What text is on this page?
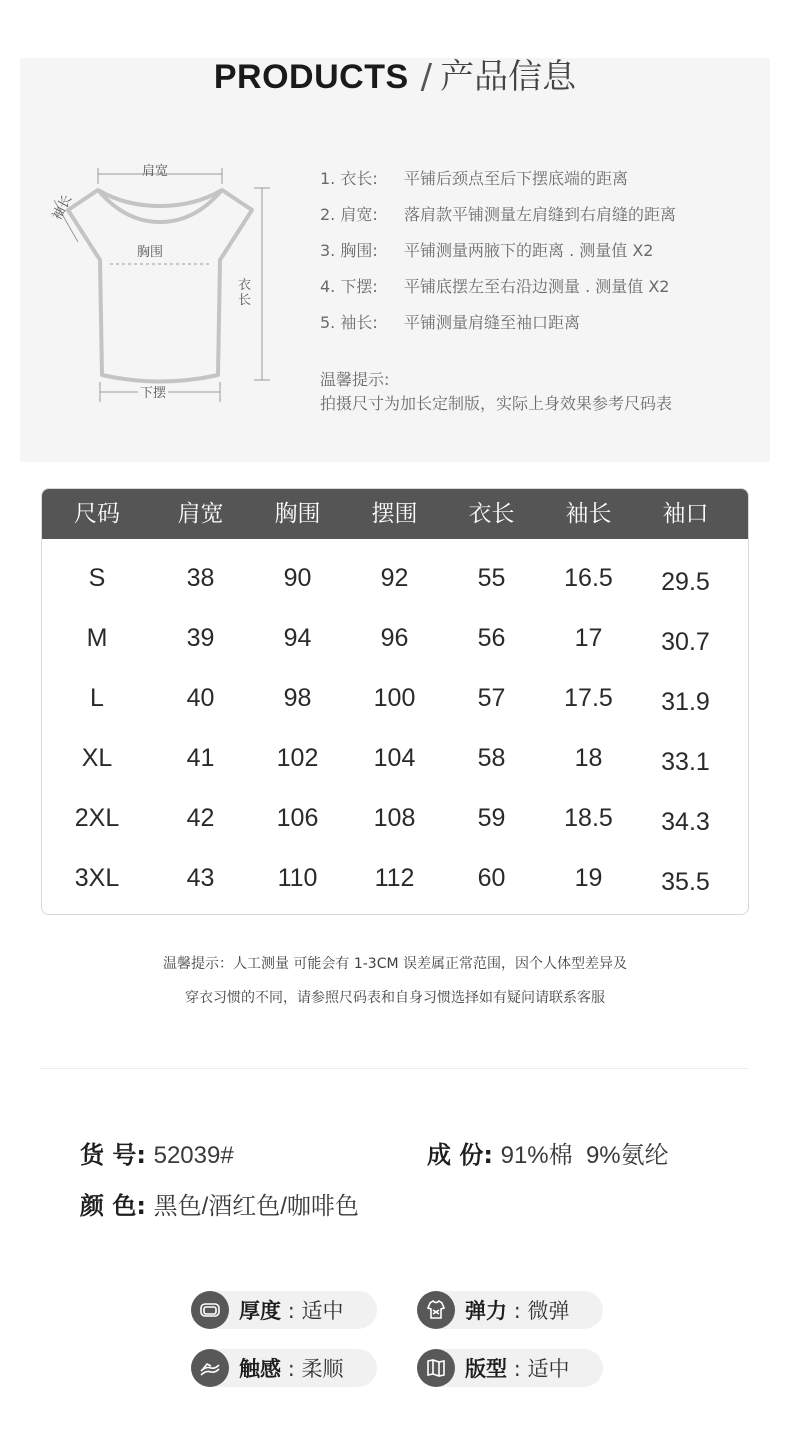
PRODUCTS / 产品信息
肩宽
袖长
胸围
衣长
下摆
1. 衣长: 平铺后颈点至后下摆底端的距离
2. 肩宽: 落肩款平铺测量左肩缝到右肩缝的距离
3. 胸围: 平铺测量两腋下的距离 . 测量值 X2
4. 下摆: 平铺底摆左至右沿边测量 . 测量值 X2
5. 袖长: 平铺测量肩缝至袖口距离
温馨提示:
拍摄尺寸为加长定制版，实际上身效果参考尺码表
尺码	肩宽	胸围	摆围	衣长	袖长	袖口
S	38	90	92	55	16.5	29.5
M	39	94	96	56	17	30.7
L	40	98	100	57	17.5	31.9
XL	41	102	104	58	18	33.1
2XL	42	106	108	59	18.5	34.3
3XL	43	110	112	60	19	35.5
温馨提示：人工测量 可能会有 1-3CM 误差属正常范围，因个人体型差异及
穿衣习惯的不同，请参照尺码表和自身习惯选择如有疑问请联系客服
货 号: 52039#	成 份: 91%棉  9%氨纶
颜 色: 黑色/酒红色/咖啡色
厚度 : 适中	弹力 : 微弹
触感 : 柔顺	版型 : 适中
